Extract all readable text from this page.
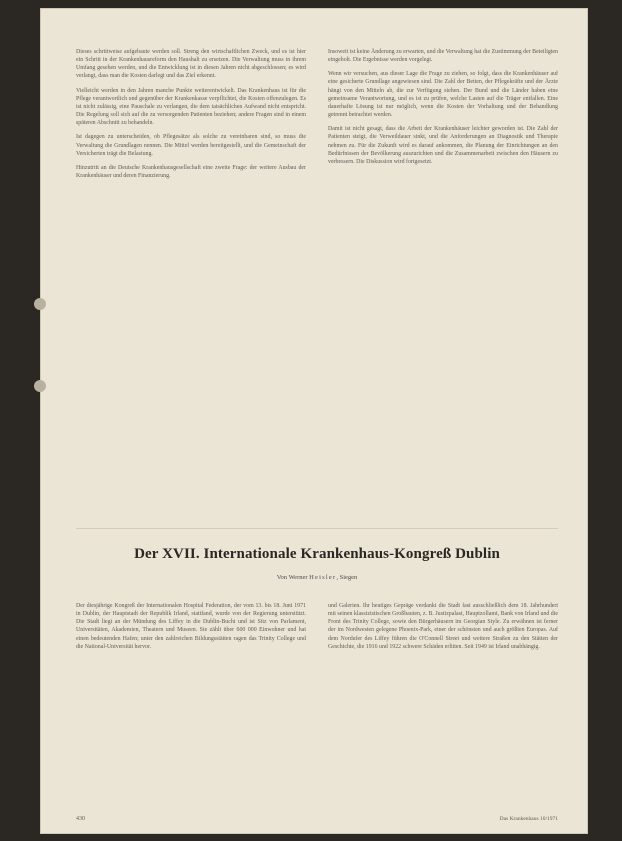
Dieses schrittweise aufgebaute werden soll. Streng den wirtschaftlichen Zweck, und es ist hier ein Schritt in der Krankenhausreform den Haushalt zu ersetzen. Die Verwaltung muss in ihrem Umfang gesehen werden, und die Entwicklung ist in diesen Jahren nicht abgeschlossen; es wird verlangt, dass man die Kosten darlegt und das Ziel erkennt.

Vielleicht werden in den Jahren manche Punkte weiterentwickelt. Das Krankenhaus ist für die Pflege verantwortlich und gegenüber der Krankenkasse verpflichtet, die Kosten offenzulegen. Es ist nicht zulässig, eine Pauschale zu verlangen, die dem tatsächlichen Aufwand nicht entspricht. Die Regelung soll sich auf die zu versorgenden Patienten beziehen; andere Fragen sind in einem späteren Abschnitt zu behandeln.

Ist dagegen zu unterscheiden, ob Pflegesätze als solche zu vereinbaren sind, so muss die Verwaltung die Grundlagen nennen. Die Mittel werden bereitgestellt, und die Gemeinschaft der Versicherten trägt die Belastung.

Hinzutritt an die Deutsche Krankenhausgesellschaft eine zweite Frage: der weitere Ausbau der Krankenhäuser und deren Finanzierung.

Insoweit ist keine Änderung zu erwarten, und die Verwaltung hat die Zustimmung der Beteiligten eingeholt. Die Ergebnisse werden vorgelegt.

Wenn wir versuchen, aus dieser Lage die Frage zu ziehen, so folgt, dass die Krankenhäuser auf eine gesicherte Grundlage angewiesen sind. Die Zahl der Betten, der Pflegekräfte und der Ärzte hängt von den Mitteln ab, die zur Verfügung stehen. Der Bund und die Länder haben eine gemeinsame Verantwortung, und es ist zu prüfen, welche Lasten auf die Träger entfallen. Eine dauerhafte Lösung ist nur möglich, wenn die Kosten der Vorhaltung und der Behandlung getrennt betrachtet werden.

Damit ist nicht gesagt, dass die Arbeit der Krankenhäuser leichter geworden ist. Die Zahl der Patienten steigt, die Verweildauer sinkt, und die Anforderungen an Diagnostik und Therapie nehmen zu. Für die Zukunft wird es darauf ankommen, die Planung der Einrichtungen an den Bedürfnissen der Bevölkerung auszurichten und die Zusammenarbeit zwischen den Häusern zu verbessern. Die Diskussion wird fortgesetzt.

Der XVII. Internationale Krankenhaus-Kongreß Dublin
Von Werner Heisler, Siegen

Der diesjährige Kongreß der Internationalen Hospital Federation, der vom 13. bis 18. Juni 1971 in Dublin, der Hauptstadt der Republik Irland, stattfand, wurde von der Regierung unterstützt. Die Stadt liegt an der Mündung des Liffey in die Dublin-Bucht und ist Sitz von Parlament, Universitäten, Akademien, Theatern und Museen. Sie zählt über 600 000 Einwohner und hat einen bedeutenden Hafen; unter den zahlreichen Bildungsstätten ragen das Trinity College und die National-Universität hervor.

und Galerien. Ihr heutiges Gepräge verdankt die Stadt fast ausschließlich dem 18. Jahrhundert mit seinen klassizistischen Großbauten, z. B. Justizpalast, Hauptzollamt, Bank von Irland und die Front des Trinity College, sowie den Bürgerhäusern im Georgian Style. Zu erwähnen ist ferner der im Nordwesten gelegene Phoenix-Park, einer der schönsten und auch größten Europas. Auf dem Nordufer des Liffey führen die O'Connell Street und weitere Straßen zu den Stätten der Geschichte, die 1916 und 1922 schwere Schäden erlitten. Seit 1949 ist Irland unabhängig.

430	Das Krankenhaus 10/1971
